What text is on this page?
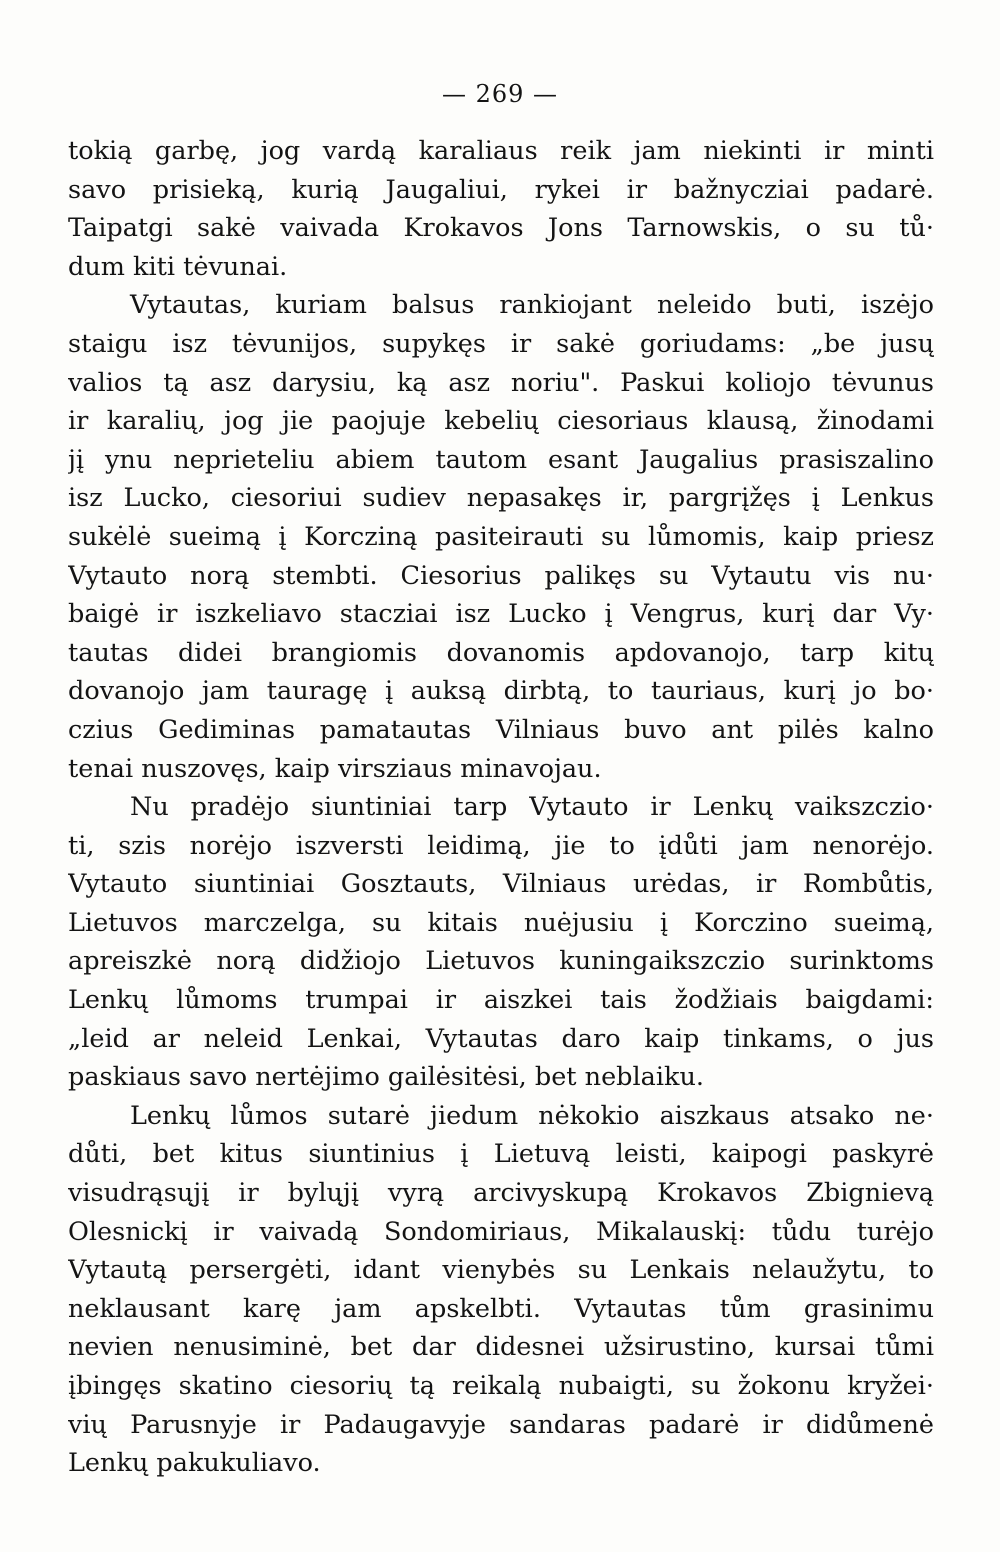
— 269 —
tokią garbę, jog vardą karaliaus reik jam niekinti ir minti
savo prisieką, kurią Jaugaliui, rykei ir bažnycziai padarė.
Taipatgi sakė vaivada Krokavos Jons Tarnowskis, o su tů·
dum kiti tėvunai.
Vytautas, kuriam balsus rankiojant neleido buti, iszėjo
staigu isz tėvunijos, supykęs ir sakė goriudams: „be jusų
valios tą asz darysiu, ką asz noriu". Paskui koliojo tėvunus
ir karalių, jog jie paojuje kebelių ciesoriaus klausą, žinodami
jį ynu neprieteliu abiem tautom esant Jaugalius prasiszalino
isz Lucko, ciesoriui sudiev nepasakęs ir, pargrįžęs į Lenkus
sukėlė sueimą į Korcziną pasiteirauti su lůmomis, kaip priesz
Vytauto norą stembti. Ciesorius palikęs su Vytautu vis nu·
baigė ir iszkeliavo stacziai isz Lucko į Vengrus, kurį dar Vy·
tautas didei brangiomis dovanomis apdovanojo, tarp kitų
dovanojo jam tauragę į auksą dirbtą, to tauriaus, kurį jo bo·
czius Gediminas pamatautas Vilniaus buvo ant pilės kalno
tenai nuszovęs, kaip virsziaus minavojau.
Nu pradėjo siuntiniai tarp Vytauto ir Lenkų vaikszczio·
ti, szis norėjo iszversti leidimą, jie to įdůti jam nenorėjo.
Vytauto siuntiniai Gosztauts, Vilniaus urėdas, ir Rombůtis,
Lietuvos marczelga, su kitais nuėjusiu į Korczino sueimą,
apreiszkė norą didžiojo Lietuvos kuningaikszczio surinktoms
Lenkų lůmoms trumpai ir aiszkei tais žodžiais baigdami:
„leid ar neleid Lenkai, Vytautas daro kaip tinkams, o jus
paskiaus savo nertėjimo gailėsitėsi, bet neblaiku.
Lenkų lůmos sutarė jiedum nėkokio aiszkaus atsako ne·
důti, bet kitus siuntinius į Lietuvą leisti, kaipogi paskyrė
visudrąsųjį ir bylųjį vyrą arcivyskupą Krokavos Zbignievą
Olesnickį ir vaivadą Sondomiriaus, Mikalauskį: tůdu turėjo
Vytautą persergėti, idant vienybės su Lenkais nelaužytu, to
neklausant karę jam apskelbti. Vytautas tům grasinimu
nevien nenusiminė, bet dar didesnei užsirustino, kursai tůmi
įbingęs skatino ciesorių tą reikalą nubaigti, su žokonu kryžei·
vių Parusnyje ir Padaugavyje sandaras padarė ir didůmenė
Lenkų pakukuliavo.
